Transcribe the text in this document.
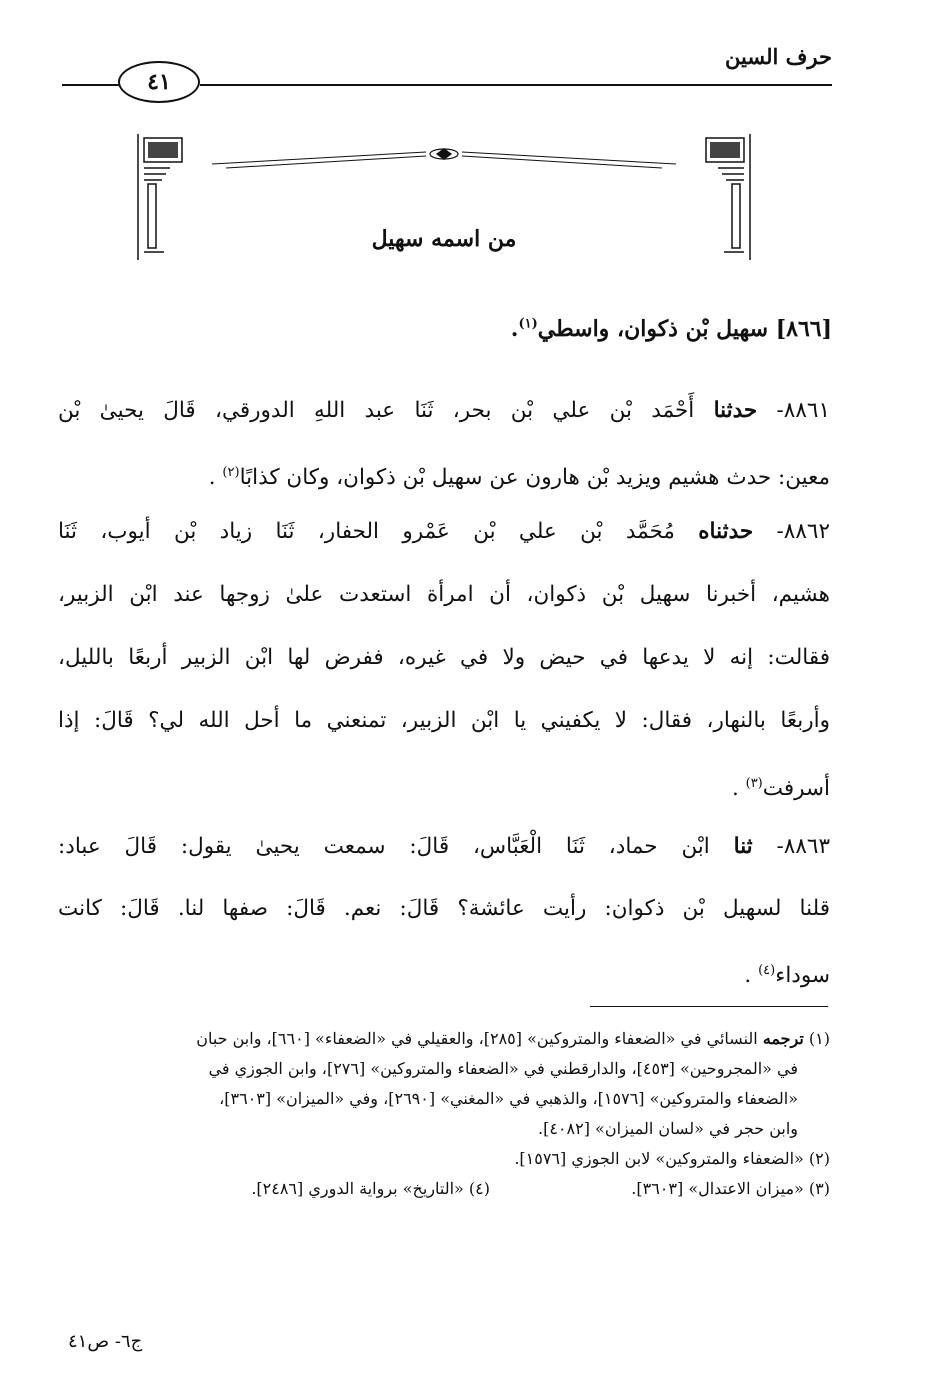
حرف السين
٤١
من اسمه سهيل
[٨٦٦] سهيل بْن ذكوان، واسطي$^{(١)}$.
٨٨٦١- حدثنا أَحْمَد بْن علي بْن بحر، ثَنَا عبد اللهِ الدورقي، قَالَ يحيىٰ بْن
معين: حدث هشيم ويزيد بْن هارون عن سهيل بْن ذكوان، وكان كذابًا$^{(٢)}$ .
٨٨٦٢- حدثناه مُحَمَّد بْن علي بْن عَمْرو الحفار، ثَنَا زياد بْن أيوب، ثَنَا
هشيم، أخبرنا سهيل بْن ذكوان، أن امرأة استعدت علىٰ زوجها عند ابْن الزبير،
فقالت: إنه لا يدعها في حيض ولا في غيره، ففرض لها ابْن الزبير أربعًا بالليل،
وأربعًا بالنهار، فقال: لا يكفيني يا ابْن الزبير، تمنعني ما أحل الله لي؟ قَالَ: إذا
أسرفت$^{(٣)}$ .
٨٨٦٣- ثنا ابْن حماد، ثَنَا الْعَبَّاس، قَالَ: سمعت يحيىٰ يقول: قَالَ عباد:
قلنا لسهيل بْن ذكوان: رأيت عائشة؟ قَالَ: نعم. قَالَ: صفها لنا. قَالَ: كانت
سوداء$^{(٤)}$ .
(١) ترجمه النسائي في «الضعفاء والمتروكين» [٢٨٥]، والعقيلي في «الضعفاء» [٦٦٠]، وابن حبان
في «المجروحين» [٤٥٣]، والدارقطني في «الضعفاء والمتروكين» [٢٧٦]، وابن الجوزي في
«الضعفاء والمتروكين» [١٥٧٦]، والذهبي في «المغني» [٢٦٩٠]، وفي «الميزان» [٣٦٠٣]،
وابن حجر في «لسان الميزان» [٤٠٨٢].
(٢) «الضعفاء والمتروكين» لابن الجوزي [١٥٧٦].
(٣) «ميزان الاعتدال» [٣٦٠٣].
(٤) «التاريخ» برواية الدوري [٢٤٨٦].
ج٦- ص٤١
